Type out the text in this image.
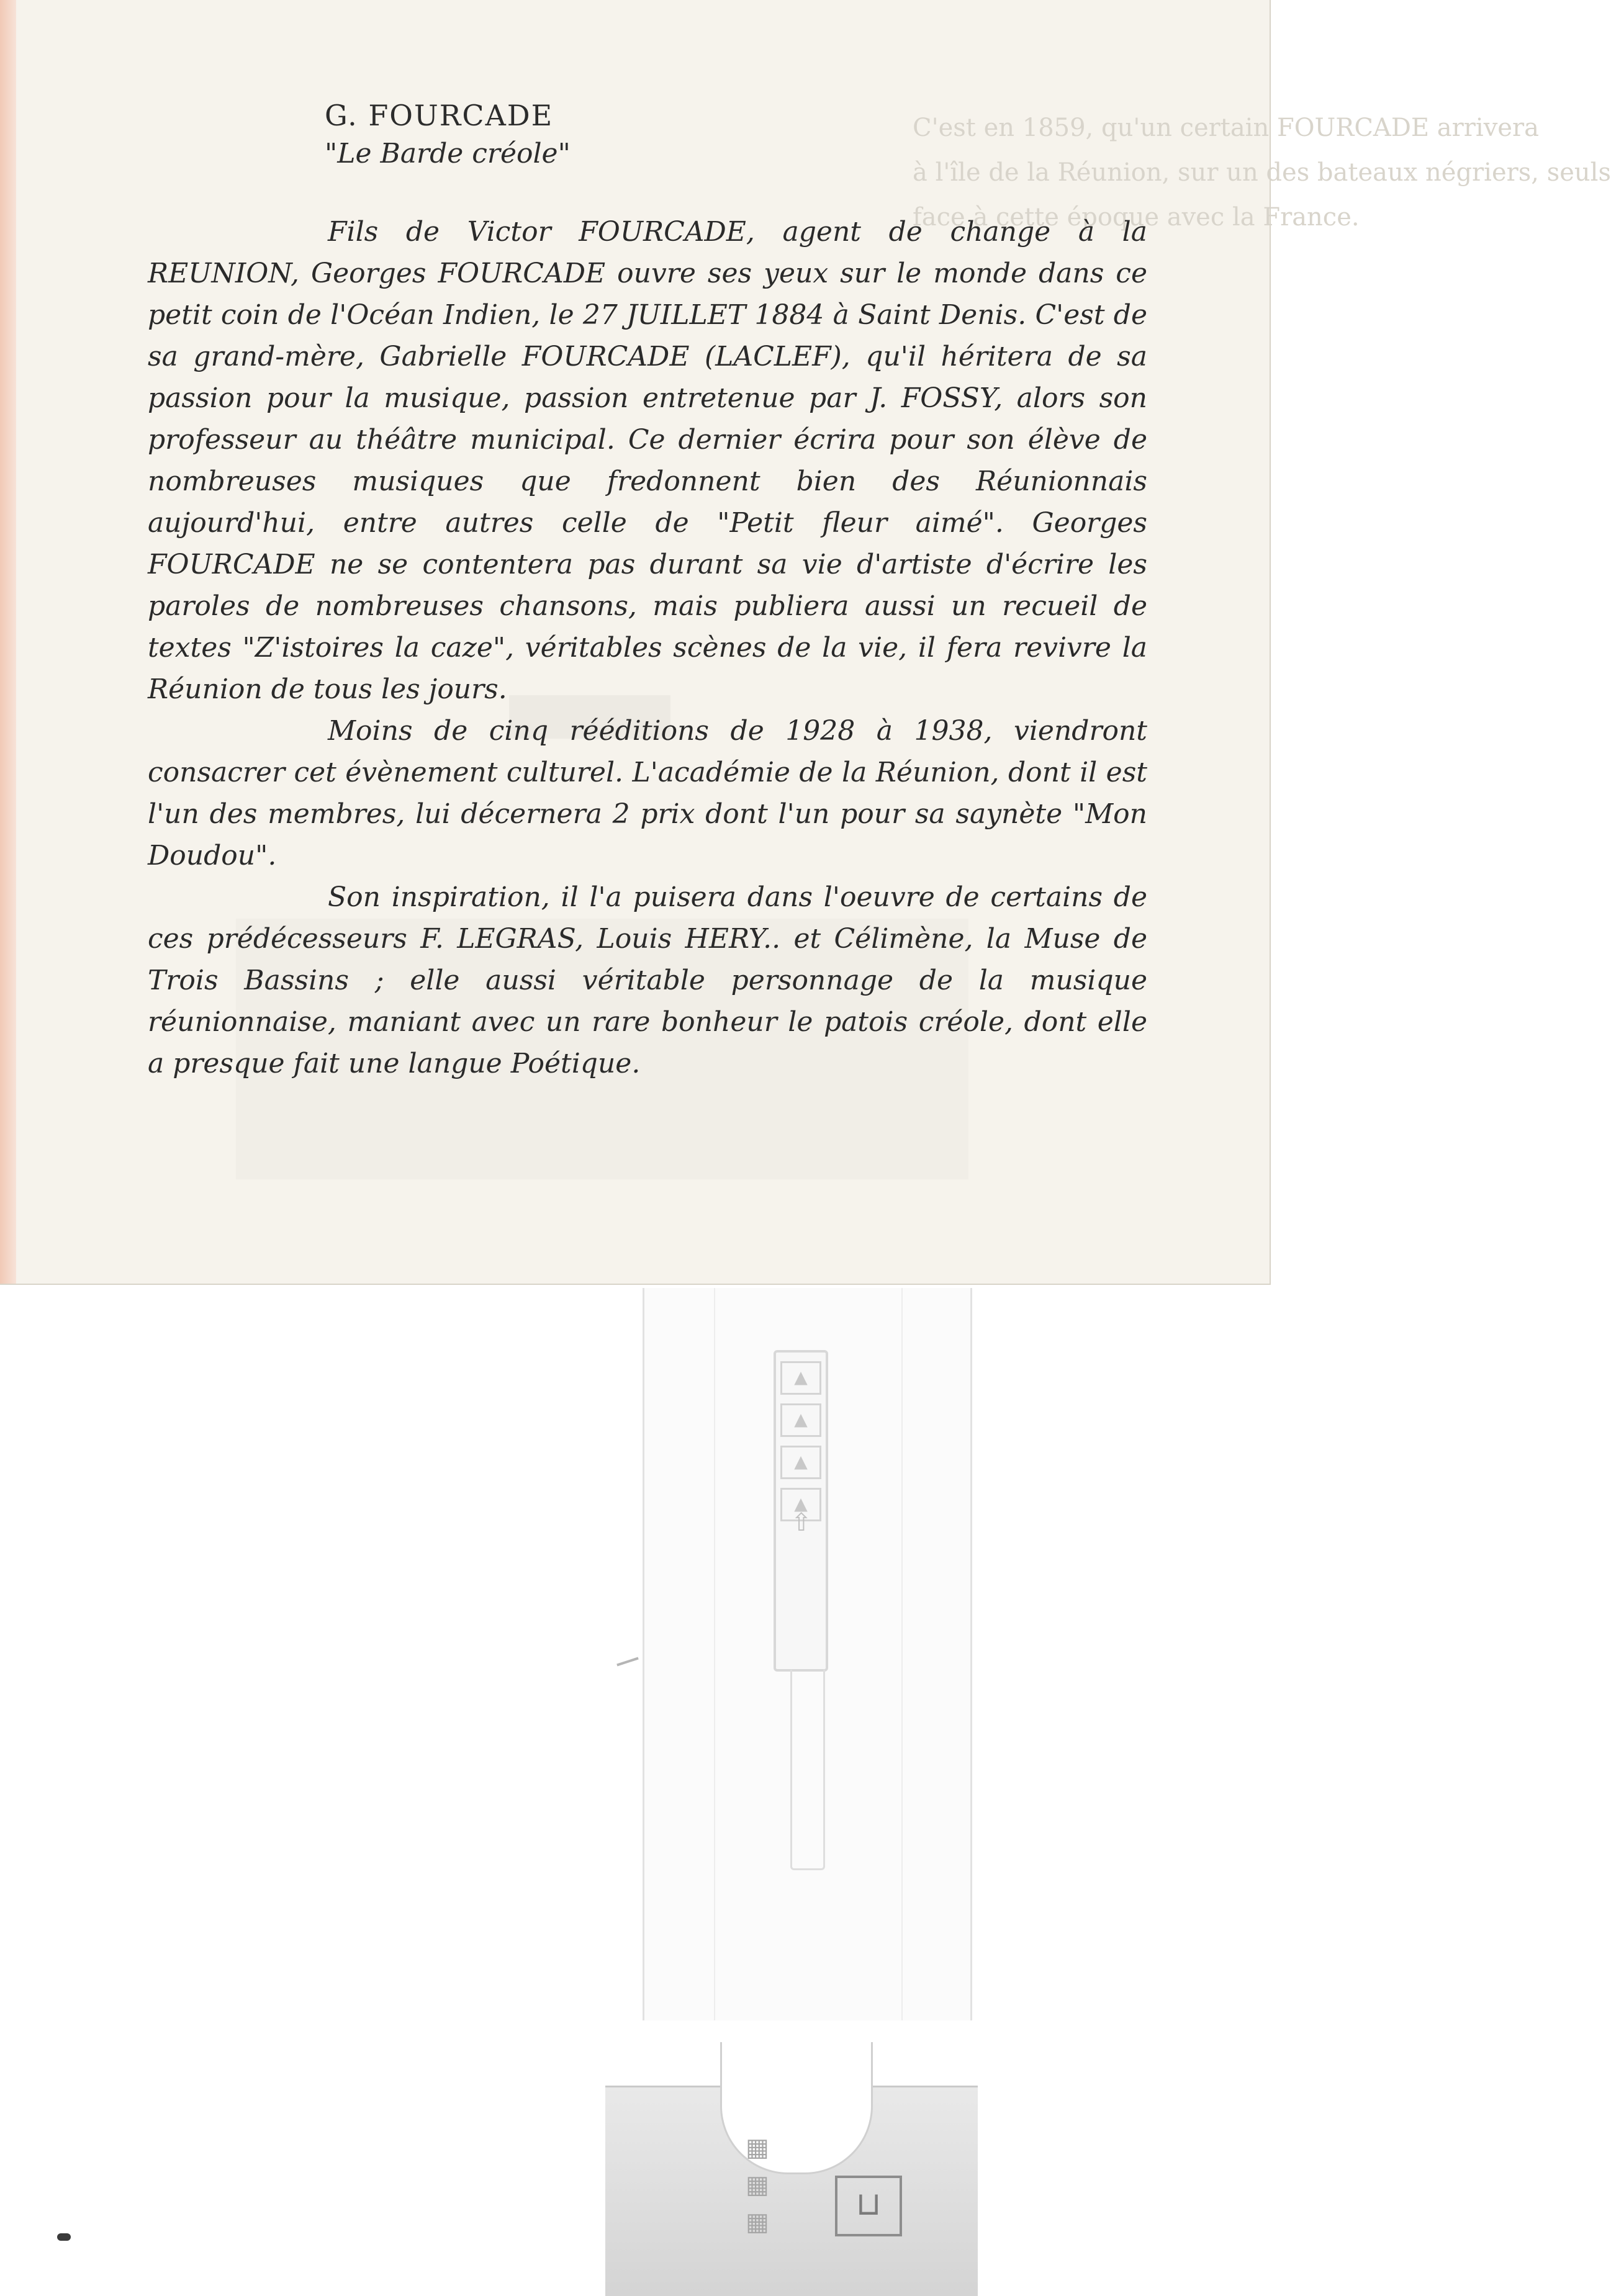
C'est en 1859, qu'un certain FOURCADE arrivera
à l'île de la Réunion, sur un des bateaux négriers, seuls
face à cette époque avec la France.
G. FOURCADE
"Le Barde créole"

Fils de Victor FOURCADE, agent de change à la REUNION, Georges FOURCADE ouvre ses yeux sur le monde dans ce petit coin de l'Océan Indien, le 27 JUILLET 1884 à Saint Denis. C'est de sa grand-mère, Gabrielle FOURCADE (LACLEF), qu'il héritera de sa passion pour la musique, passion entretenue par J. FOSSY, alors son professeur au théâtre municipal. Ce dernier écrira pour son élève de nombreuses musiques que fredonnent bien des Réunionnais aujourd'hui, entre autres celle de "Petit fleur aimé". Georges FOURCADE ne se contentera pas durant sa vie d'artiste d'écrire les paroles de nombreuses chansons, mais publiera aussi un recueil de textes "Z'istoires la caze", véritables scènes de la vie, il fera revivre la Réunion de tous les jours.

Moins de cinq rééditions de 1928 à 1938, viendront consacrer cet évènement culturel. L'académie de la Réunion, dont il est l'un des membres, lui décernera 2 prix dont l'un pour sa saynète "Mon Doudou".

Son inspiration, il l'a puisera dans l'oeuvre de certains de ces prédécesseurs F. LEGRAS, Louis HERY.. et Célimène, la Muse de Trois Bassins ; elle aussi véritable personnage de la musique réunionnaise, maniant avec un rare bonheur le patois créole, dont elle a presque fait une langue Poétique.

▲
▲
▲
▲
⇧
▦
▦
▦	⊔
